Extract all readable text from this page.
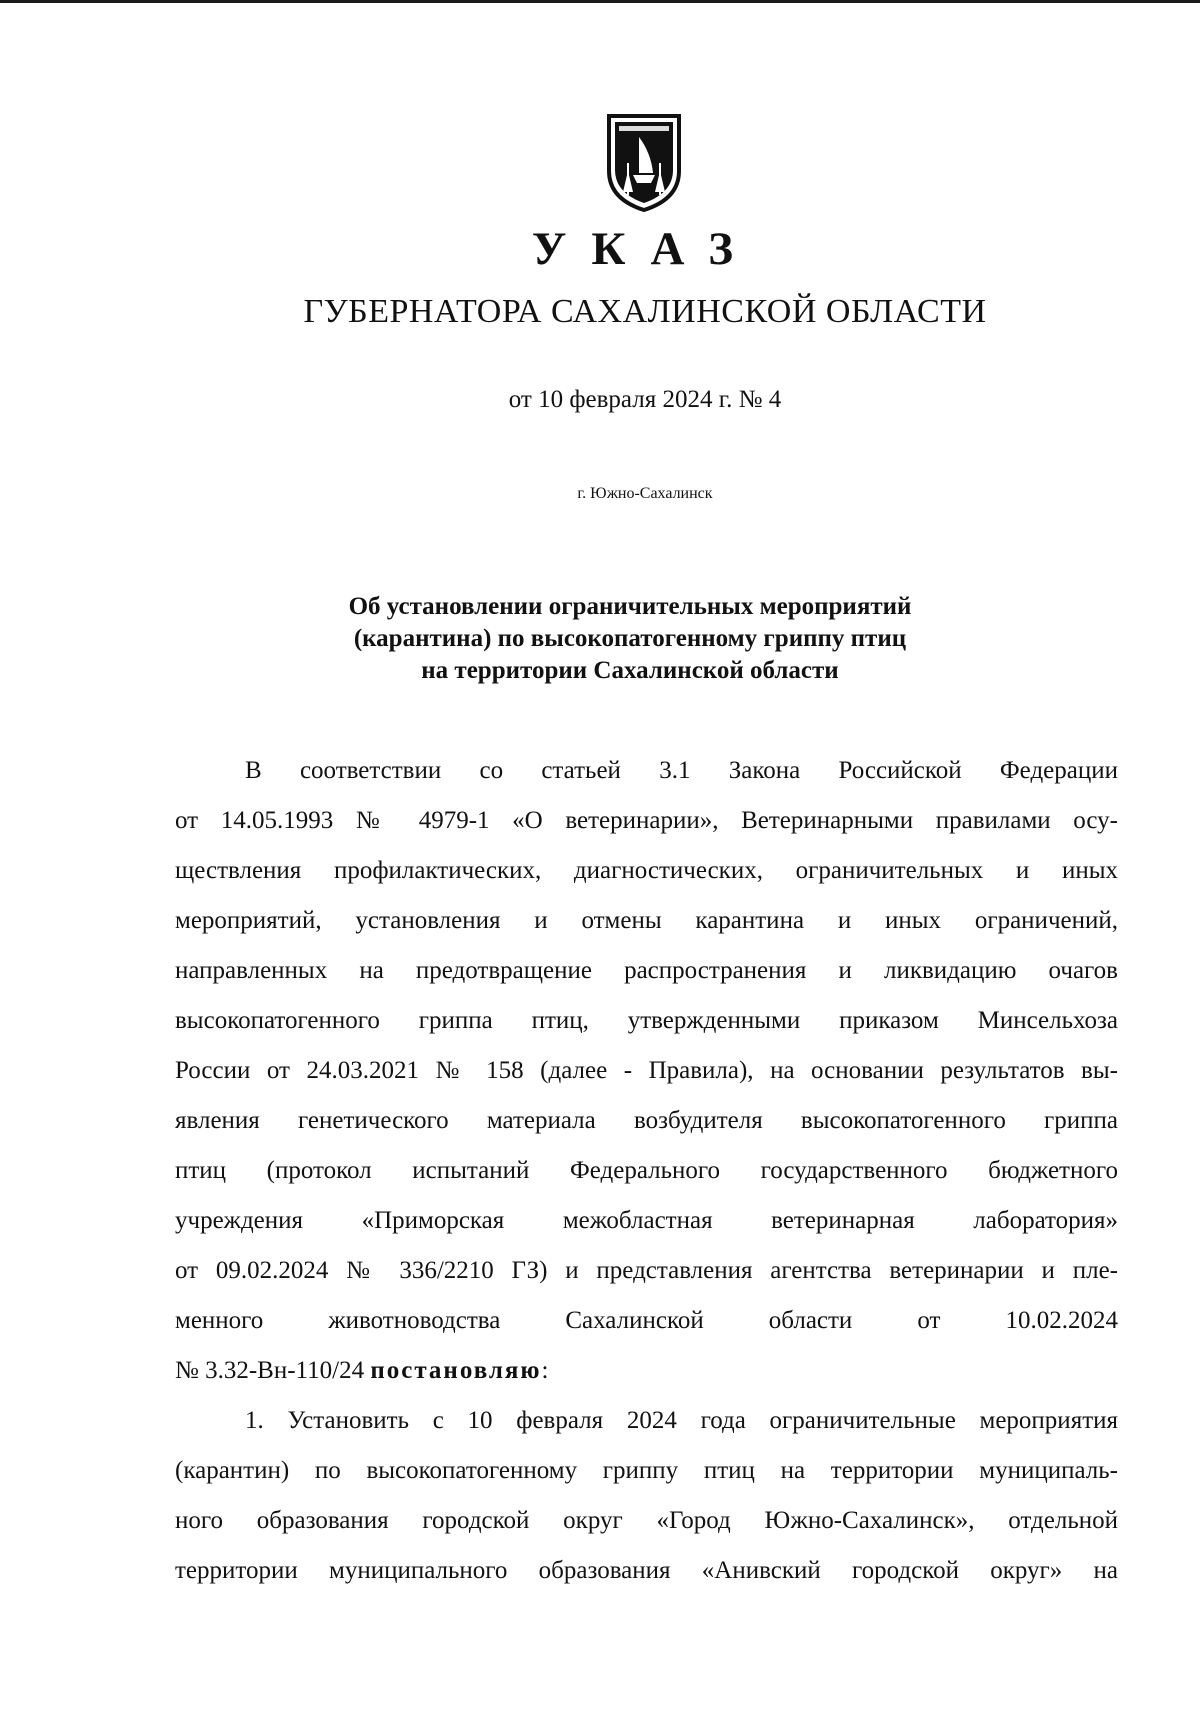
УКАЗ
ГУБЕРНАТОРА САХАЛИНСКОЙ ОБЛАСТИ
от 10 февраля 2024 г. № 4
г. Южно-Сахалинск
Об установлении ограничительных мероприятий
(карантина) по высокопатогенному гриппу птиц
на территории Сахалинской области
В соответствии со статьей 3.1 Закона Российской Федерации
от 14.05.1993 № 4979-1 «О ветеринарии», Ветеринарными правилами осу-
ществления профилактических, диагностических, ограничительных и иных
мероприятий, установления и отмены карантина и иных ограничений,
направленных на предотвращение распространения и ликвидацию очагов
высокопатогенного гриппа птиц, утвержденными приказом Минсельхоза
России от 24.03.2021 № 158 (далее - Правила), на основании результатов вы-
явления генетического материала возбудителя высокопатогенного гриппа
птиц (протокол испытаний Федерального государственного бюджетного
учреждения «Приморская межобластная ветеринарная лаборатория»
от 09.02.2024 № 336/2210 ГЗ) и представления агентства ветеринарии и пле-
менного животноводства Сахалинской области от 10.02.2024
№ 3.32-Вн-110/24 постановляю:
1. Установить с 10 февраля 2024 года ограничительные мероприятия
(карантин) по высокопатогенному гриппу птиц на территории муниципаль-
ного образования городской округ «Город Южно-Сахалинск», отдельной
территории муниципального образования «Анивский городской округ» на
